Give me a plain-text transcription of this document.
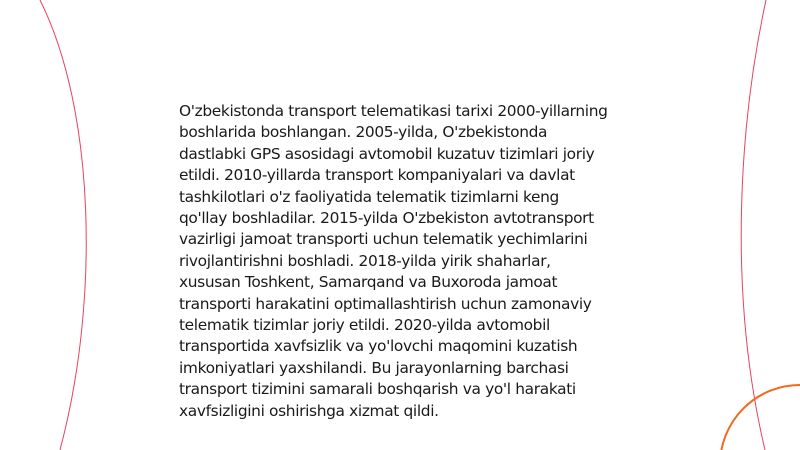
O'zbekistonda transport telematikasi tarixi 2000-yillarning boshlarida boshlangan. 2005-yilda, O'zbekistonda dastlabki GPS asosidagi avtomobil kuzatuv tizimlari joriy etildi. 2010-yillarda transport kompaniyalari va davlat tashkilotlari o'z faoliyatida telematik tizimlarni keng qo'llay boshladilar. 2015-yilda O'zbekiston avtotransport vazirligi jamoat transporti uchun telematik yechimlarini rivojlantirishni boshladi. 2018-yilda yirik shaharlar, xususan Toshkent, Samarqand va Buxoroda jamoat transporti harakatini optimallashtirish uchun zamonaviy telematik tizimlar joriy etildi. 2020-yilda avtomobil transportida xavfsizlik va yo'lovchi maqomini kuzatish imkoniyatlari yaxshilandi. Bu jarayonlarning barchasi transport tizimini samarali boshqarish va yo'l harakati xavfsizligini oshirishga xizmat qildi.
